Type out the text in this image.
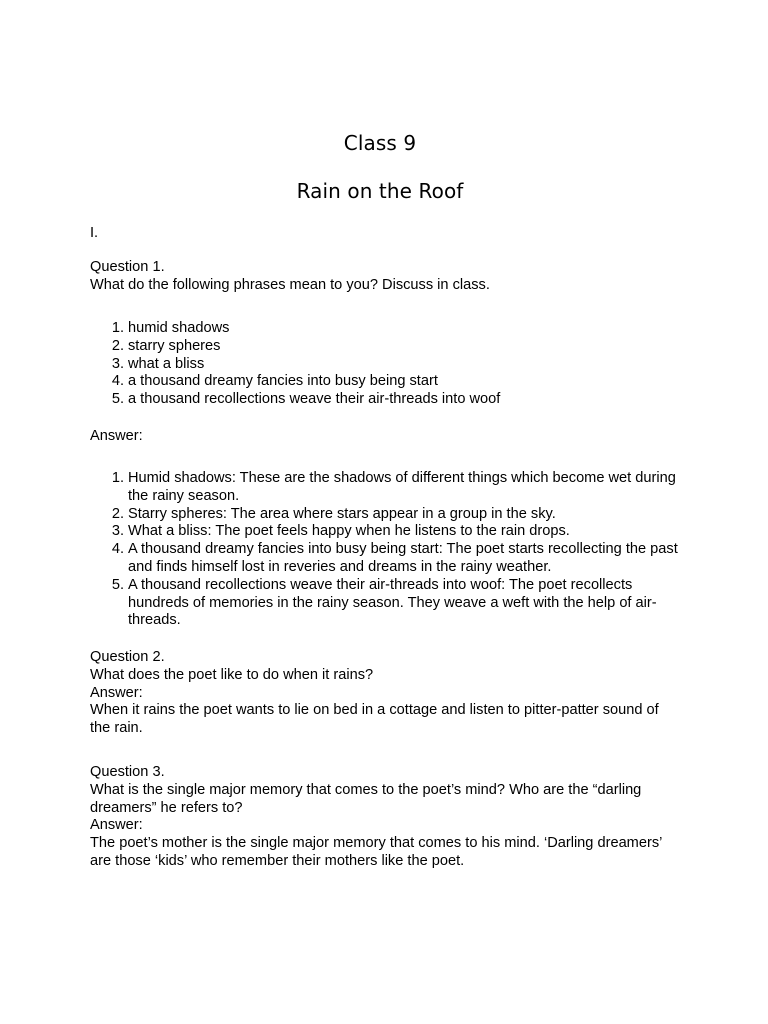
Class 9
Rain on the Roof
I.

Question 1.

What do the following phrases mean to you? Discuss in class.

1 . humid shadows
2 . starry spheres
3 . what a bliss
4 . a thousand dreamy fancies into busy being start
5 . a thousand recollections weave their air-threads into woof
Answer:
1 . Humid shadows: These are the shadows of different things which become wet during the rainy season.
2 . Starry spheres: The area where stars appear in a group in the sky.
3 . What a bliss: The poet feels happy when he listens to the rain drops.
4 . A thousand dreamy fancies into busy being start: The poet starts recollecting the past and finds himself lost in reveries and dreams in the rainy weather.
5 . A thousand recollections weave their air-threads into woof: The poet recollects hundreds of memories in the rainy season. They weave a weft with the help of air-threads.

Question 2.

What does the poet like to do when it rains?

Answer:

When it rains the poet wants to lie on bed in a cottage and listen to pitter-patter sound of the rain.

Question 3.

What is the single major memory that comes to the poet’s mind? Who are the “darling dreamers” he refers to?

Answer:

The poet’s mother is the single major memory that comes to his mind. ‘Darling dreamers’ are those ‘kids’ who remember their mothers like the poet.
